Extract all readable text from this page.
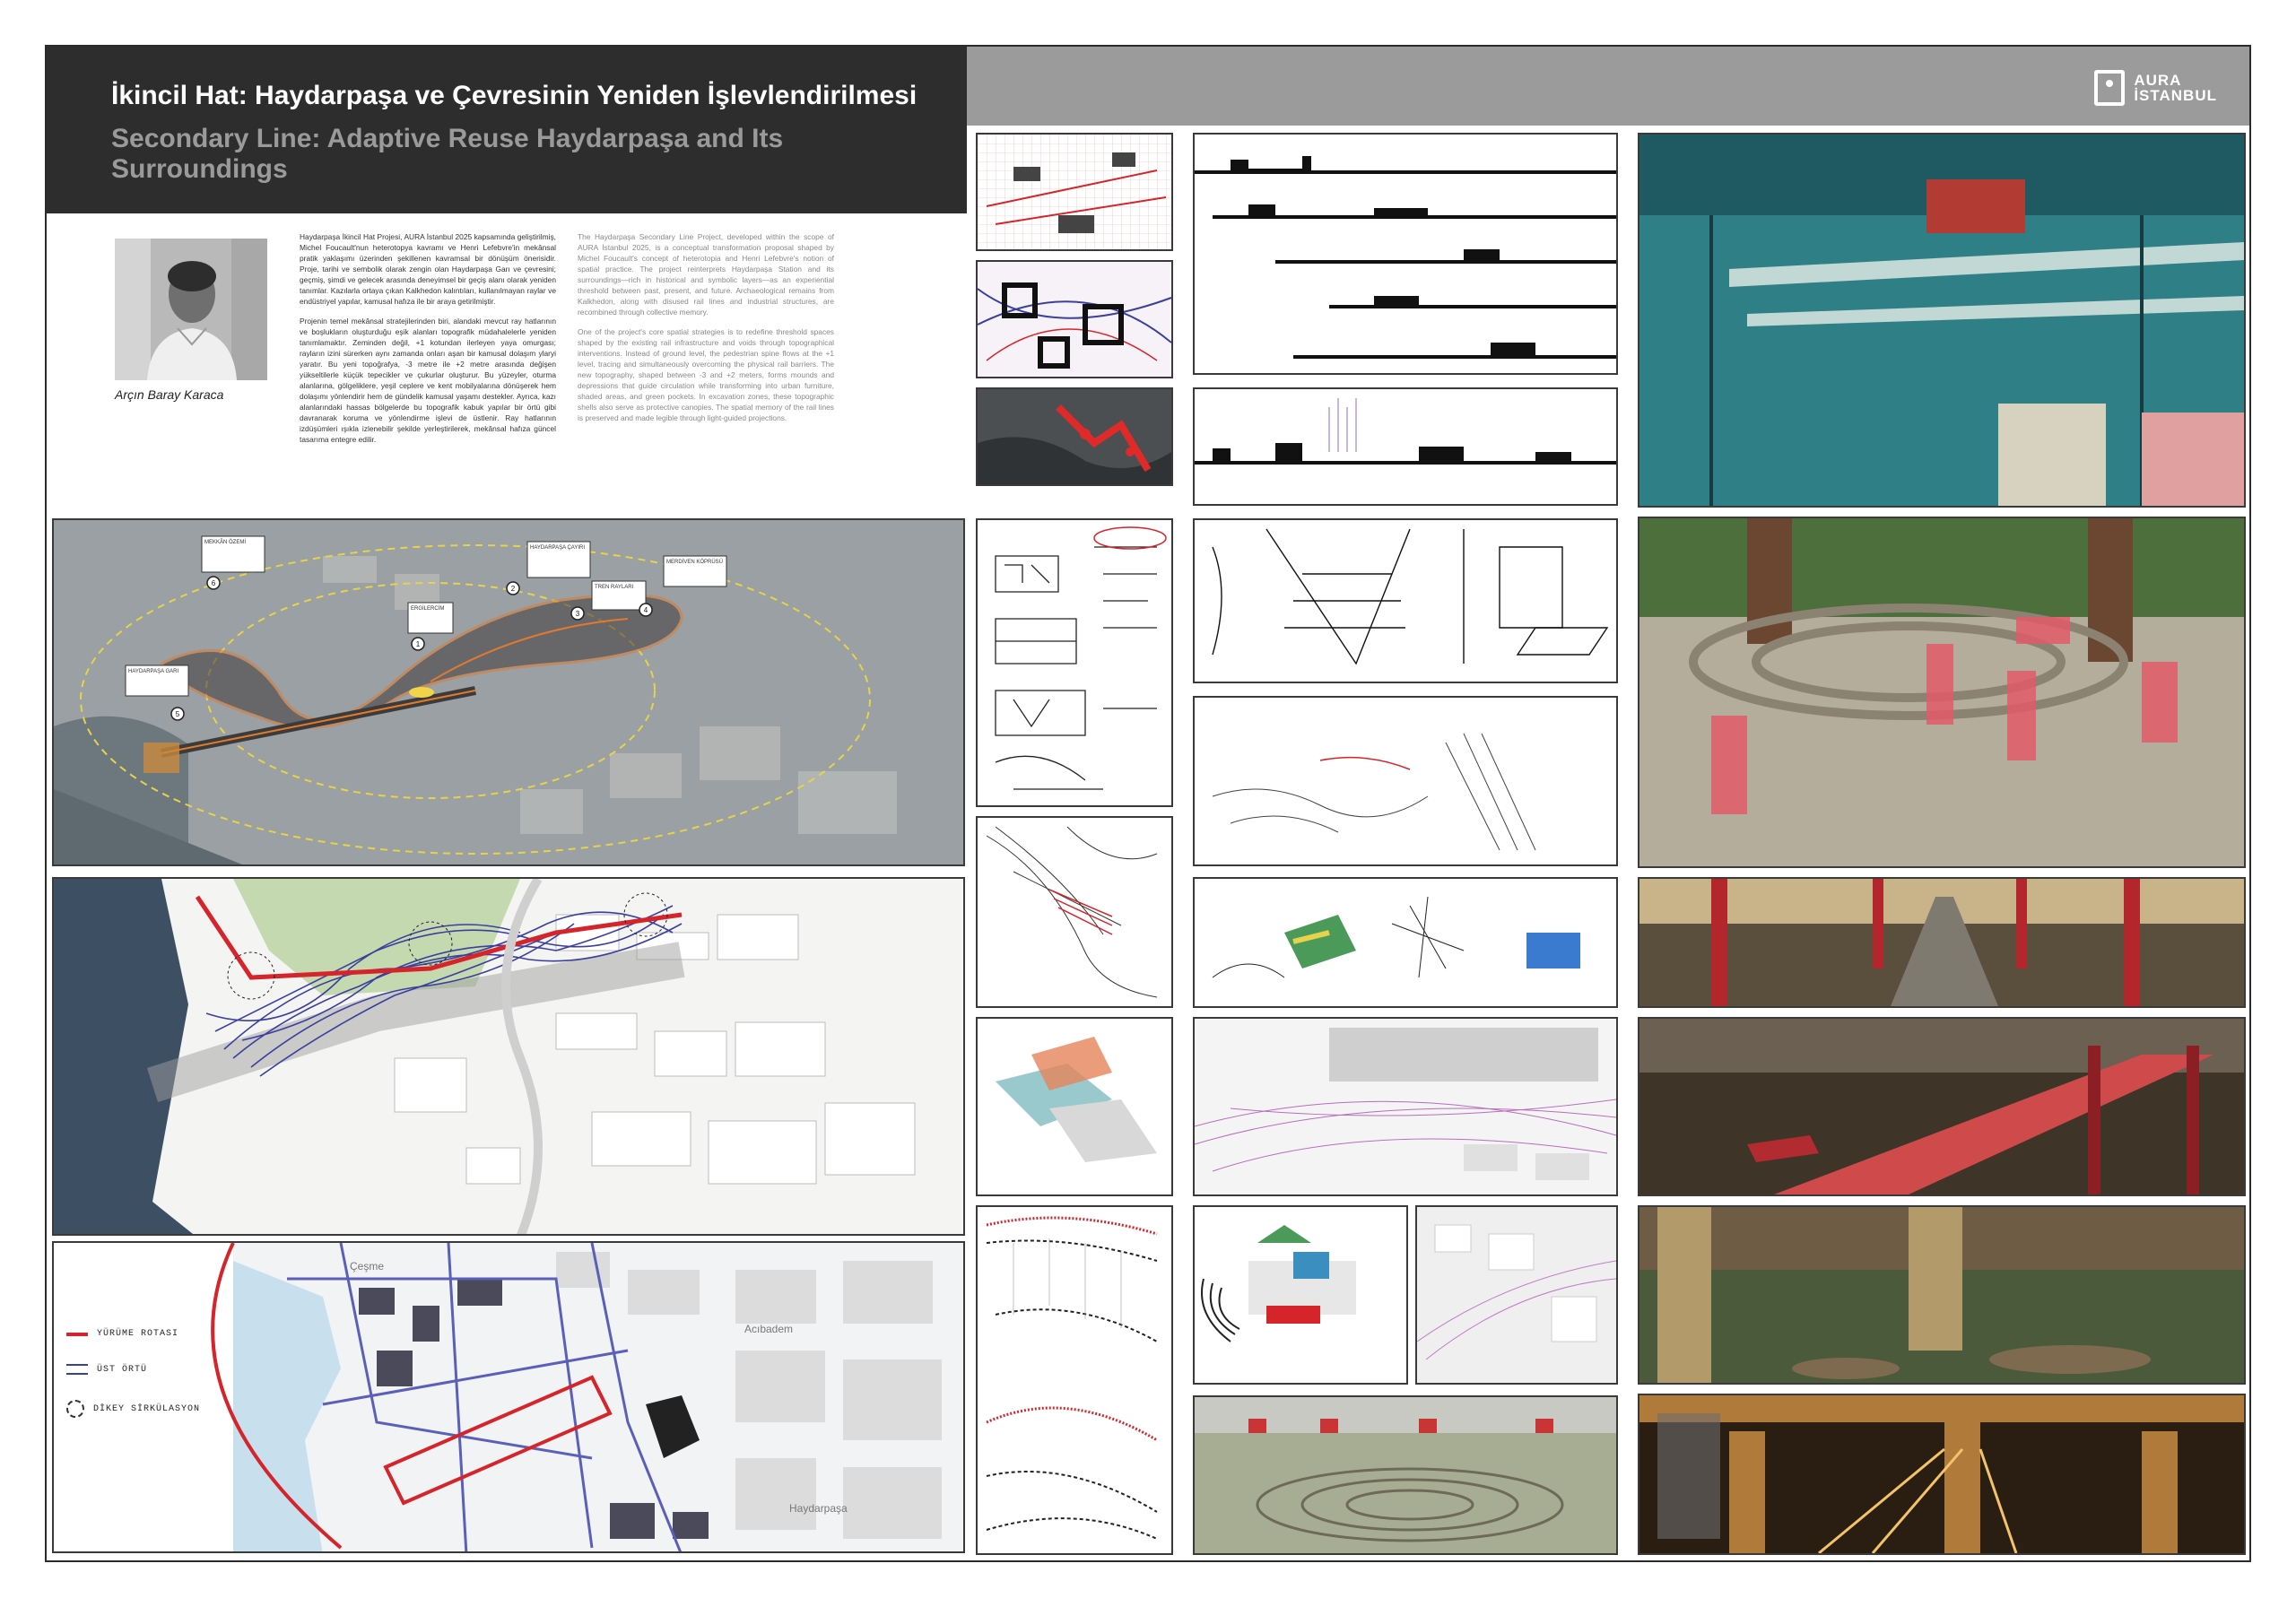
İkincil Hat: Haydarpaşa ve Çevresinin Yeniden İşlevlendirilmesi
Secondary Line: Adaptive Reuse Haydarpaşa and Its Surroundings
AURA
İSTANBUL
Arçın Baray Karaca

Haydarpaşa İkincil Hat Projesi, AURA İstanbul 2025 kapsamında geliştirilmiş, Michel Foucault'nun heterotopya kavramı ve Henri Lefebvre'in mekânsal pratik yaklaşımı üzerinden şekillenen kavramsal bir dönüşüm önerisidir. Proje, tarihi ve sembolik olarak zengin olan Haydarpaşa Garı ve çevresini; geçmiş, şimdi ve gelecek arasında deneyimsel bir geçiş alanı olarak yeniden tanımlar. Kazılarla ortaya çıkan Kalkhedon kalıntıları, kullanılmayan raylar ve endüstriyel yapılar, kamusal hafıza ile bir araya getirilmiştir.

Projenin temel mekânsal stratejilerinden biri, alandaki mevcut ray hatlarının ve boşlukların oluşturduğu eşik alanları topografik müdahalelerle yeniden tanımlamaktır. Zeminden değil, +1 kotundan ilerleyen yaya omurgası; rayların izini sürerken aynı zamanda onları aşan bir kamusal dolaşım ylaryi yaratır. Bu yeni topoğrafya, -3 metre ile +2 metre arasında değişen yükseltilerle küçük tepecikler ve çukurlar oluşturur. Bu yüzeyler, oturma alanlarına, gölgeliklere, yeşil ceplere ve kent mobilyalarına dönüşerek hem dolaşımı yönlendirir hem de gündelik kamusal yaşamı destekler. Ayrıca, kazı alanlarındaki hassas bölgelerde bu topografik kabuk yapılar bir örtü gibi davranarak koruma ve yönlendirme işlevi de üstlenir. Ray hatlarının izdüşümleri ışıkla izlenebilir şekilde yerleştirilerek, mekânsal hafıza güncel tasarıma entegre edilir.

The Haydarpaşa Secondary Line Project, developed within the scope of AURA İstanbul 2025, is a conceptual transformation proposal shaped by Michel Foucault's concept of heterotopia and Henri Lefebvre's notion of spatial practice. The project reinterprets Haydarpaşa Station and its surroundings—rich in historical and symbolic layers—as an experiential threshold between past, present, and future. Archaeological remains from Kalkhedon, along with disused rail lines and industrial structures, are recombined through collective memory.

One of the project's core spatial strategies is to redefine threshold spaces shaped by the existing rail infrastructure and voids through topographical interventions. Instead of ground level, the pedestrian spine flows at the +1 level, tracing and simultaneously overcoming the physical rail barriers. The new topography, shaped between -3 and +2 meters, forms mounds and depressions that guide circulation while transforming into urban furniture, shaded areas, and green pockets. In excavation zones, these topographic shells also serve as protective canopies. The spatial memory of the rail lines is preserved and made legible through light-guided projections.

MEKKÂN ÖZEMİ
HAYDARPAŞA ÇAYIRI
TREN RAYLARI
MERDİVEN KÖPRÜSÜ
ERGİLERCİM
HAYDARPAŞA GARI
1
2
3	4
5
6
Çeşme
Acıbadem
Haydarpaşa
YÜRÜME ROTASI
ÜST ÖRTÜ
DİKEY SİRKÜLASYON
